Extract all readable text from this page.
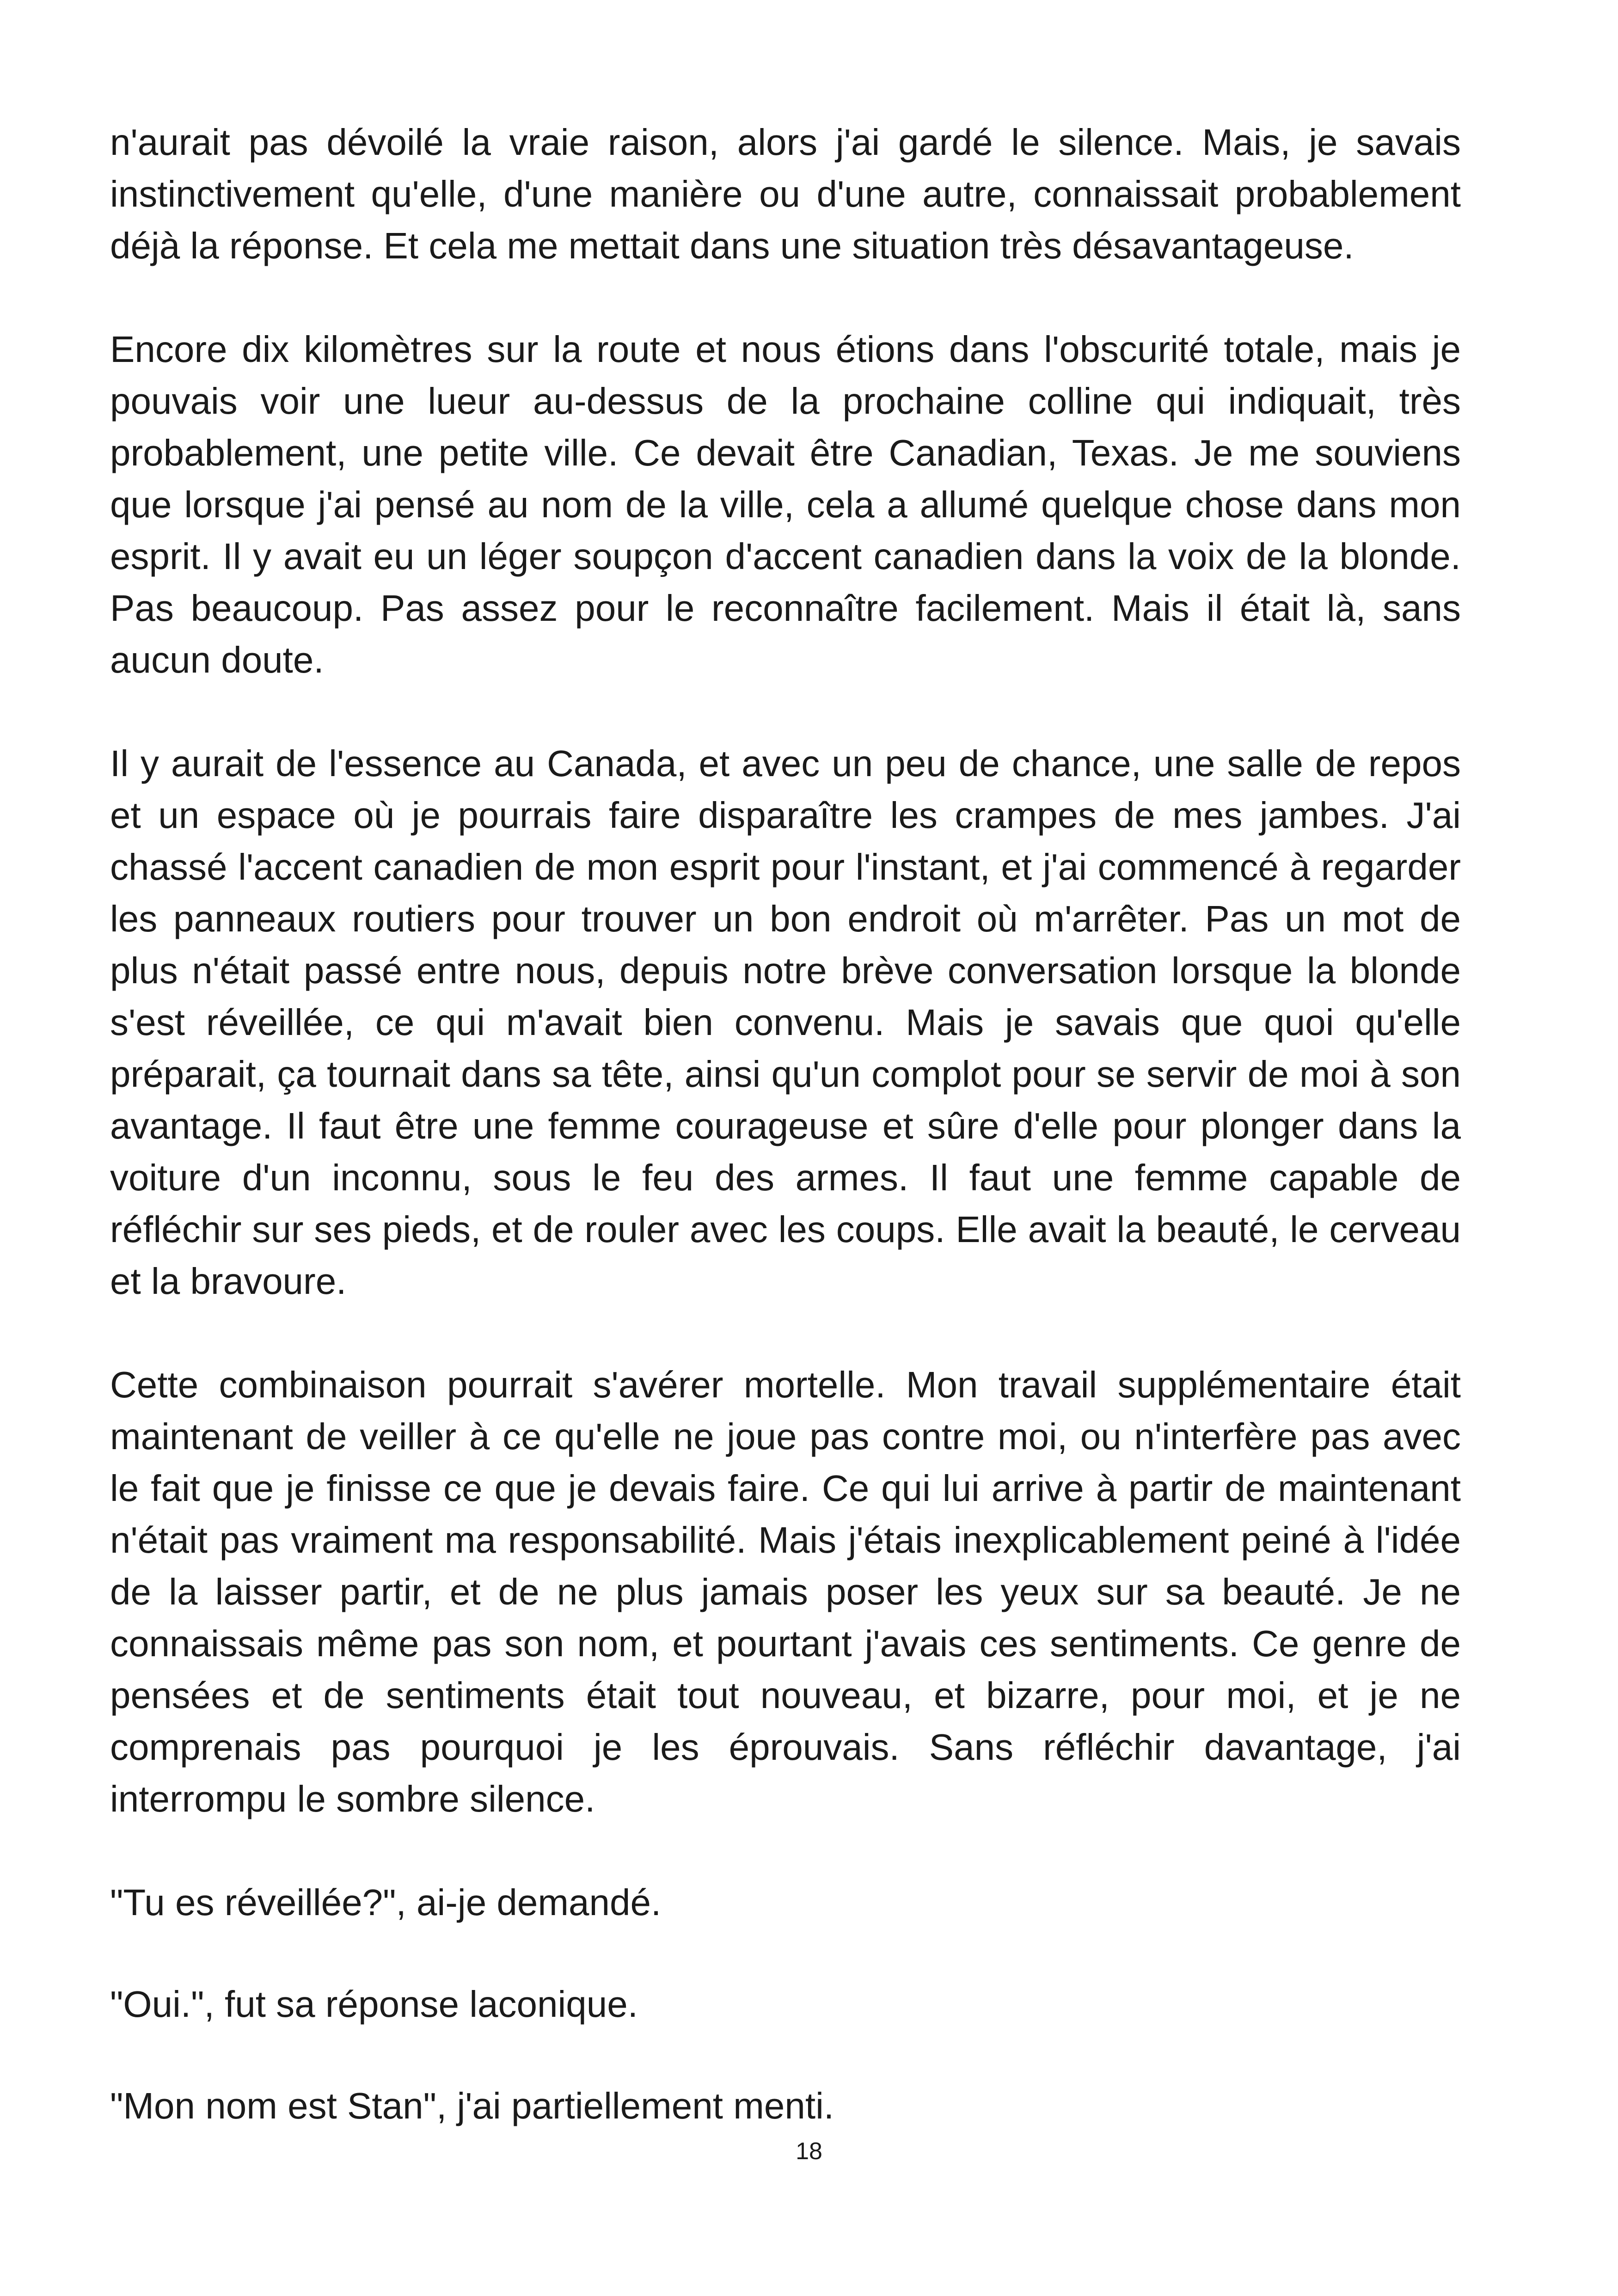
n'aurait pas dévoilé la vraie raison, alors j'ai gardé le silence. Mais, je savais instinctivement qu'elle, d'une manière ou d'une autre, connaissait probablement déjà la réponse. Et cela me mettait dans une situation très désavantageuse.

Encore dix kilomètres sur la route et nous étions dans l'obscurité totale, mais je pouvais voir une lueur au-dessus de la prochaine colline qui indiquait, très probablement, une petite ville. Ce devait être Canadian, Texas. Je me souviens que lorsque j'ai pensé au nom de la ville, cela a allumé quelque chose dans mon esprit. Il y avait eu un léger soupçon d'accent canadien dans la voix de la blonde. Pas beaucoup. Pas assez pour le reconnaître facilement. Mais il était là, sans aucun doute.

Il y aurait de l'essence au Canada, et avec un peu de chance, une salle de repos et un espace où je pourrais faire disparaître les crampes de mes jambes. J'ai chassé l'accent canadien de mon esprit pour l'instant, et j'ai commencé à regarder les panneaux routiers pour trouver un bon endroit où m'arrêter. Pas un mot de plus n'était passé entre nous, depuis notre brève conversation lorsque la blonde s'est réveillée, ce qui m'avait bien convenu. Mais je savais que quoi qu'elle préparait, ça tournait dans sa tête, ainsi qu'un complot pour se servir de moi à son avantage. Il faut être une femme courageuse et sûre d'elle pour plonger dans la voiture d'un inconnu, sous le feu des armes. Il faut une femme capable de réfléchir sur ses pieds, et de rouler avec les coups. Elle avait la beauté, le cerveau et la bravoure.

Cette combinaison pourrait s'avérer mortelle. Mon travail supplémentaire était maintenant de veiller à ce qu'elle ne joue pas contre moi, ou n'interfère pas avec le fait que je finisse ce que je devais faire. Ce qui lui arrive à partir de maintenant n'était pas vraiment ma responsabilité. Mais j'étais inexplicablement peiné à l'idée de la laisser partir, et de ne plus jamais poser les yeux sur sa beauté. Je ne connaissais même pas son nom, et pourtant j'avais ces sentiments. Ce genre de pensées et de sentiments était tout nouveau, et bizarre, pour moi, et je ne comprenais pas pourquoi je les éprouvais. Sans réfléchir davantage, j'ai interrompu le sombre silence.

"Tu es réveillée?", ai-je demandé.

"Oui.", fut sa réponse laconique.

"Mon nom est Stan", j'ai partiellement menti.

18
